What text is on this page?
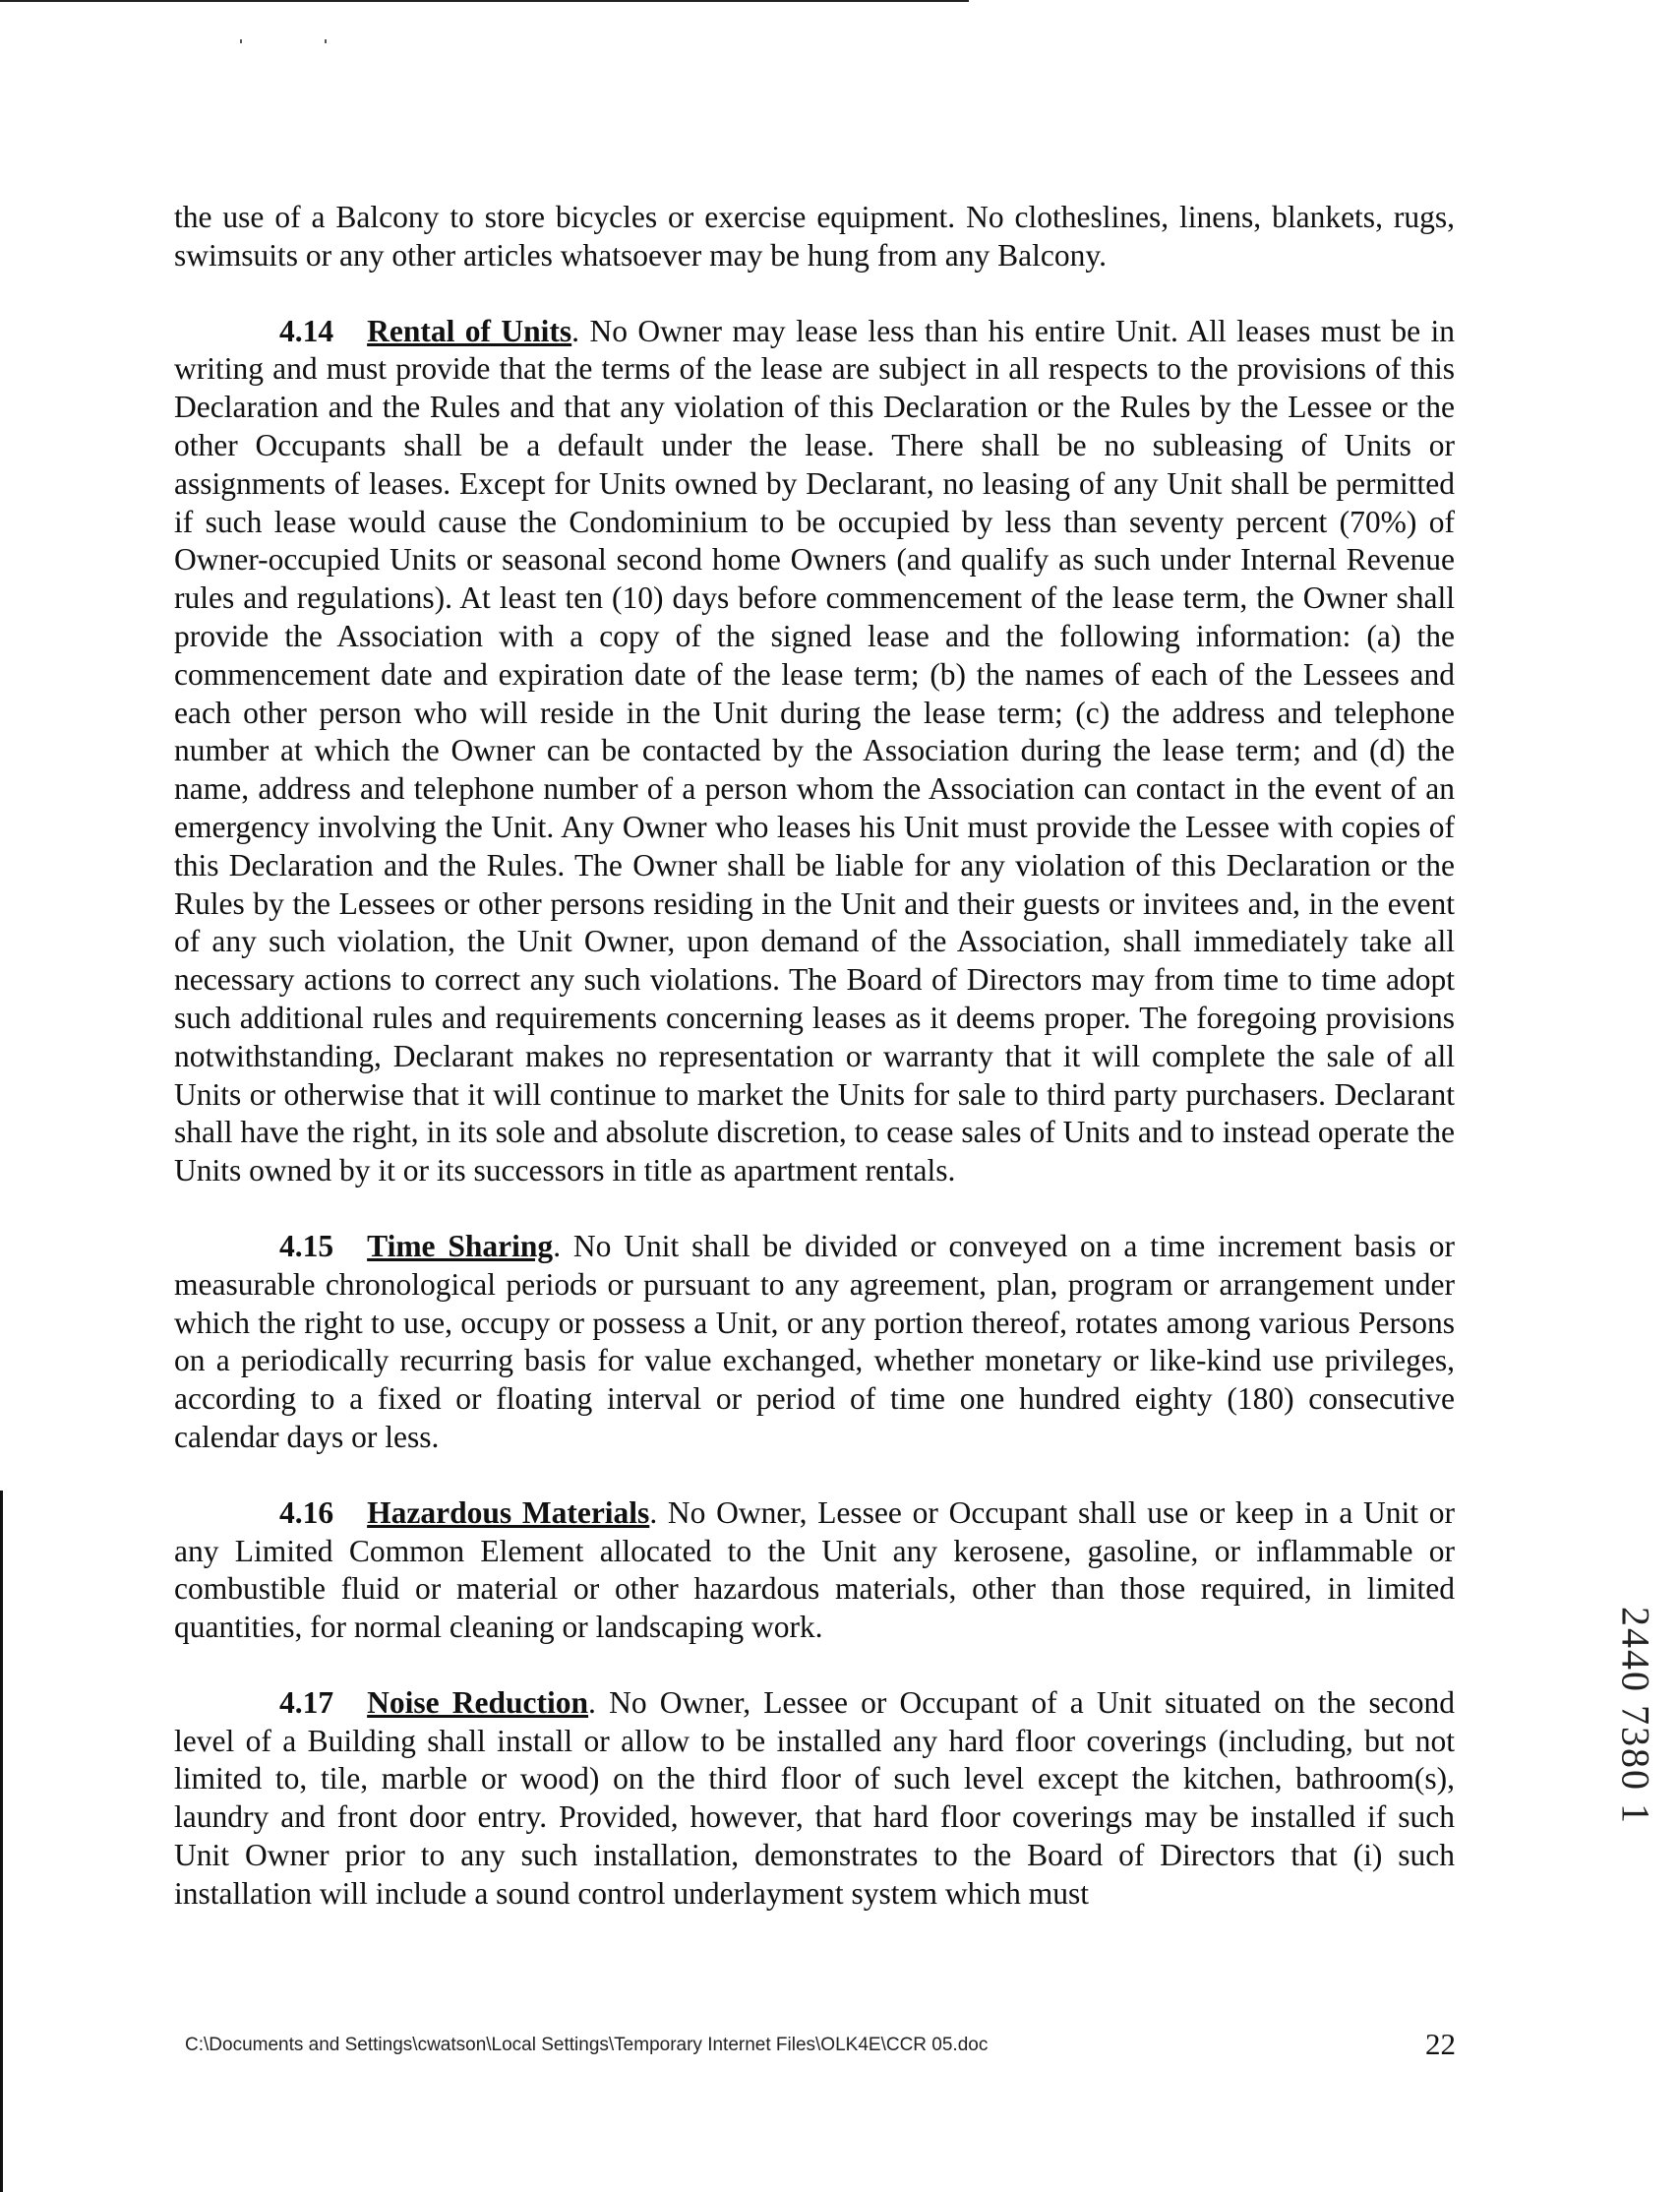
the use of a Balcony to store bicycles or exercise equipment. No clotheslines, linens, blankets, rugs, swimsuits or any other articles whatsoever may be hung from any Balcony.

4.14 Rental of Units. No Owner may lease less than his entire Unit. All leases must be in writing and must provide that the terms of the lease are subject in all respects to the provisions of this Declaration and the Rules and that any violation of this Declaration or the Rules by the Lessee or the other Occupants shall be a default under the lease. There shall be no subleasing of Units or assignments of leases. Except for Units owned by Declarant, no leasing of any Unit shall be permitted if such lease would cause the Condominium to be occupied by less than seventy percent (70%) of Owner-occupied Units or seasonal second home Owners (and qualify as such under Internal Revenue rules and regulations). At least ten (10) days before commencement of the lease term, the Owner shall provide the Association with a copy of the signed lease and the following information: (a) the commencement date and expiration date of the lease term; (b) the names of each of the Lessees and each other person who will reside in the Unit during the lease term; (c) the address and telephone number at which the Owner can be contacted by the Association during the lease term; and (d) the name, address and telephone number of a person whom the Association can contact in the event of an emergency involving the Unit. Any Owner who leases his Unit must provide the Lessee with copies of this Declaration and the Rules. The Owner shall be liable for any violation of this Declaration or the Rules by the Lessees or other persons residing in the Unit and their guests or invitees and, in the event of any such violation, the Unit Owner, upon demand of the Association, shall immediately take all necessary actions to correct any such violations. The Board of Directors may from time to time adopt such additional rules and requirements concerning leases as it deems proper. The foregoing provisions notwithstanding, Declarant makes no representation or warranty that it will complete the sale of all Units or otherwise that it will continue to market the Units for sale to third party purchasers. Declarant shall have the right, in its sole and absolute discretion, to cease sales of Units and to instead operate the Units owned by it or its successors in title as apartment rentals.

4.15 Time Sharing. No Unit shall be divided or conveyed on a time increment basis or measurable chronological periods or pursuant to any agreement, plan, program or arrangement under which the right to use, occupy or possess a Unit, or any portion thereof, rotates among various Persons on a periodically recurring basis for value exchanged, whether monetary or like-kind use privileges, according to a fixed or floating interval or period of time one hundred eighty (180) consecutive calendar days or less.

4.16 Hazardous Materials. No Owner, Lessee or Occupant shall use or keep in a Unit or any Limited Common Element allocated to the Unit any kerosene, gasoline, or inflammable or combustible fluid or material or other hazardous materials, other than those required, in limited quantities, for normal cleaning or landscaping work.

4.17 Noise Reduction. No Owner, Lessee or Occupant of a Unit situated on the second level of a Building shall install or allow to be installed any hard floor coverings (including, but not limited to, tile, marble or wood) on the third floor of such level except the kitchen, bathroom(s), laundry and front door entry. Provided, however, that hard floor coverings may be installed if such Unit Owner prior to any such installation, demonstrates to the Board of Directors that (i) such installation will include a sound control underlayment system which must

2440 7380 1
C:\Documents and Settings\cwatson\Local Settings\Temporary Internet Files\OLK4E\CCR 05.doc	22
